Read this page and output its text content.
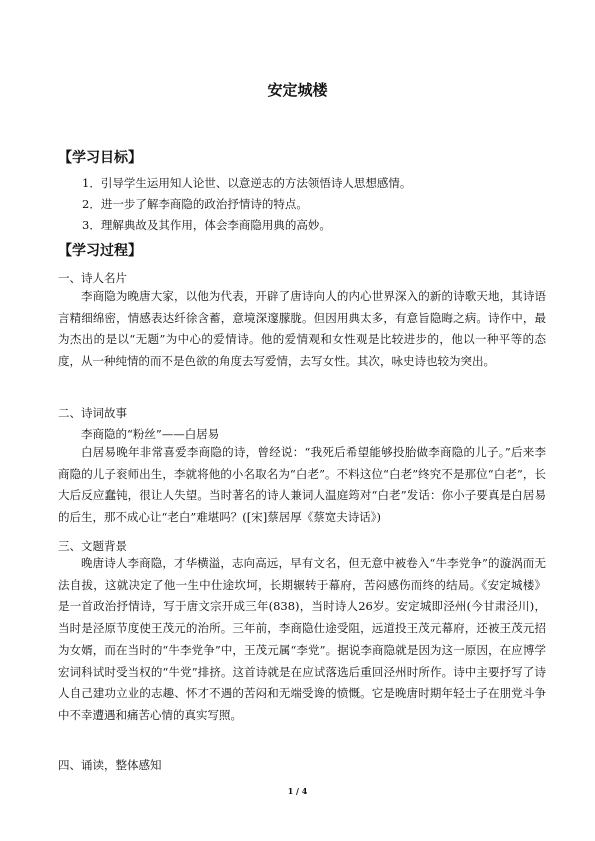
安定城楼
【学习目标】
1．引导学生运用知人论世、以意逆志的方法领悟诗人思想感情。
2．进一步了解李商隐的政治抒情诗的特点。
3．理解典故及其作用，体会李商隐用典的高妙。
【学习过程】
一、诗人名片

李商隐为晚唐大家，以他为代表，开辟了唐诗向人的内心世界深入的新的诗歌天地，其诗语言精细绵密，情感表达纤徐含蓄，意境深邃朦胧。但因用典太多，有意旨隐晦之病。诗作中，最为杰出的是以“无题”为中心的爱情诗。他的爱情观和女性观是比较进步的，他以一种平等的态度，从一种纯情的而不是色欲的角度去写爱情，去写女性。其次，咏史诗也较为突出。

二、诗词故事
李商隐的“粉丝”——白居易

白居易晚年非常喜爱李商隐的诗，曾经说：“我死后希望能够投胎做李商隐的儿子。”后来李商隐的儿子衮师出生，李就将他的小名取名为“白老”。不料这位“白老”终究不是那位“白老”，长大后反应蠢钝，很让人失望。当时著名的诗人兼词人温庭筠对“白老”发话：你小子要真是白居易的后生，那不成心让“老白”难堪吗？([宋]蔡居厚《蔡宽夫诗话》)

三、文题背景

晚唐诗人李商隐，才华横溢，志向高远，早有文名，但无意中被卷入“牛李党争”的漩涡而无法自拔，这就决定了他一生中仕途坎坷，长期辗转于幕府，苦闷感伤而终的结局。《安定城楼》是一首政治抒情诗，写于唐文宗开成三年(838)，当时诗人26岁。安定城即泾州(今甘肃泾川)，当时是泾原节度使王茂元的治所。三年前，李商隐仕途受阻，远道投王茂元幕府，还被王茂元招为女婿，而在当时的“牛李党争”中，王茂元属“李党”。据说李商隐就是因为这一原因，在应博学宏词科试时受当权的“牛党”排挤。这首诗就是在应试落选后重回泾州时所作。诗中主要抒写了诗人自己建功立业的志趣、怀才不遇的苦闷和无端受谗的愤慨。它是晚唐时期年轻士子在朋党斗争中不幸遭遇和痛苦心情的真实写照。

四、诵读，整体感知
1 / 4
